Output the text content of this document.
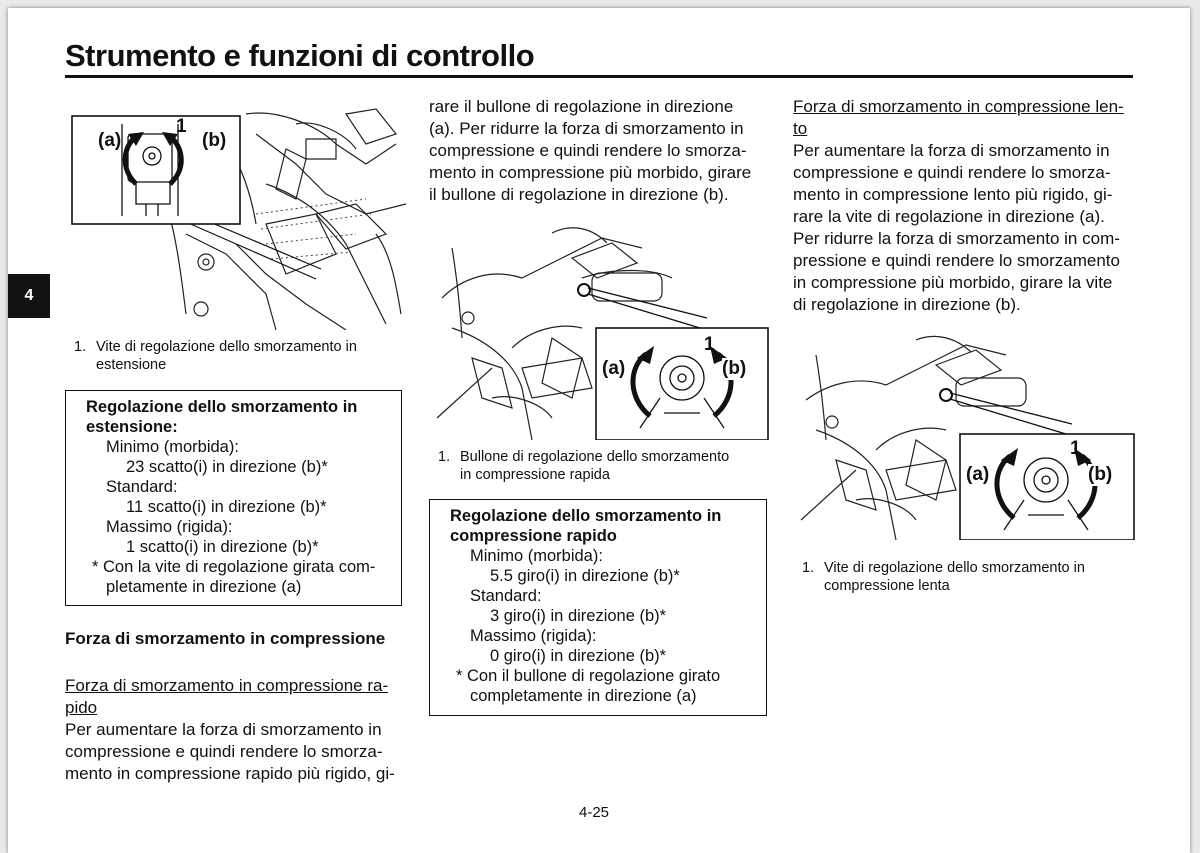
Strumento e funzioni di controllo
4
(a)	(b)
1
1. Vite di regolazione dello smorzamento in
estensione
Regolazione dello smorzamento in
estensione:
Minimo (morbida):
23 scatto(i) in direzione (b)*
Standard:
11 scatto(i) in direzione (b)*
Massimo (rigida):
1 scatto(i) in direzione (b)*
* Con la vite di regolazione girata com-
pletamente in direzione (a)
Forza di smorzamento in compressione

Forza di smorzamento in compressione ra-

pido

Per aumentare la forza di smorzamento in

compressione e quindi rendere lo smorza-

mento in compressione rapido più rigido, gi-

rare il bullone di regolazione in direzione

(a). Per ridurre la forza di smorzamento in

compressione e quindi rendere lo smorza-

mento in compressione più morbido, girare

il bullone di regolazione in direzione (b).

(a)	(b)
1
1. Bullone di regolazione dello smorzamento
in compressione rapida
Regolazione dello smorzamento in
compressione rapido
Minimo (morbida):
5.5 giro(i) in direzione (b)*
Standard:
3 giro(i) in direzione (b)*
Massimo (rigida):
0 giro(i) in direzione (b)*
* Con il bullone di regolazione girato
completamente in direzione (a)

Forza di smorzamento in compressione len-

to

Per aumentare la forza di smorzamento in

compressione e quindi rendere lo smorza-

mento in compressione lento più rigido, gi-

rare la vite di regolazione in direzione (a).

Per ridurre la forza di smorzamento in com-

pressione e quindi rendere lo smorzamento

in compressione più morbido, girare la vite

di regolazione in direzione (b).

(a)	(b)
1
1. Vite di regolazione dello smorzamento in
compressione lenta
4-25
